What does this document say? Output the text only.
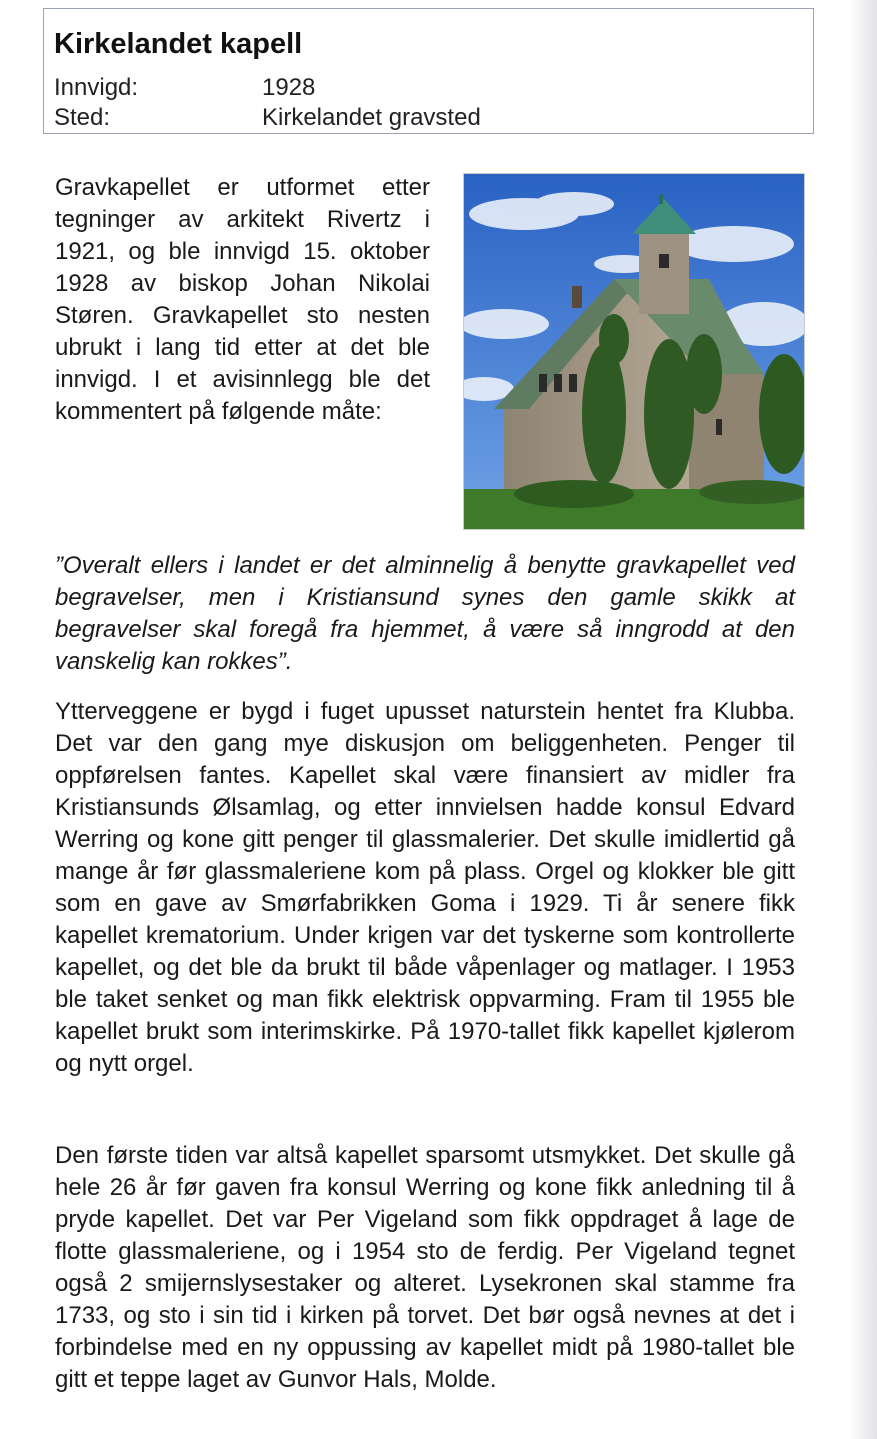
Kirkelandet kapell
Innvigd:	1928
Sted:	Kirkelandet gravsted

Gravkapellet er utformet etter tegninger av arkitekt Rivertz i 1921, og ble innvigd 15. oktober 1928 av biskop Johan Nikolai Støren. Gravkapellet sto nesten ubrukt i lang tid etter at det ble innvigd. I et avisinnlegg ble det kommentert på følgende måte:

”Overalt ellers i landet er det alminnelig å benytte gravkapellet ved begravelser, men i Kristiansund synes den gamle skikk at begravelser skal foregå fra hjemmet, å være så inngrodd at den vanskelig kan rokkes”.

Ytterveggene er bygd i fuget upusset naturstein hentet fra Klubba. Det var den gang mye diskusjon om beliggenheten. Penger til oppførelsen fantes. Kapellet skal være finansiert av midler fra Kristiansunds Ølsamlag, og etter innvielsen hadde konsul Edvard Werring og kone gitt penger til glassmalerier. Det skulle imidlertid gå mange år før glassmaleriene kom på plass. Orgel og klokker ble gitt som en gave av Smørfabrikken Goma i 1929. Ti år senere fikk kapellet krematorium. Under krigen var det tyskerne som kontrollerte kapellet, og det ble da brukt til både våpenlager og matlager. I 1953 ble taket senket og man fikk elektrisk oppvarming. Fram til 1955 ble kapellet brukt som interimskirke. På 1970-tallet fikk kapellet kjølerom og nytt orgel.

Den første tiden var altså kapellet sparsomt utsmykket. Det skulle gå hele 26 år før gaven fra konsul Werring og kone fikk anledning til å pryde kapellet. Det var Per Vigeland som fikk oppdraget å lage de flotte glassmaleriene, og i 1954 sto de ferdig. Per Vigeland tegnet også 2 smijernslysestaker og alteret. Lysekronen skal stamme fra 1733, og sto i sin tid i kirken på torvet. Det bør også nevnes at det i forbindelse med en ny oppussing av kapellet midt på 1980-tallet ble gitt et teppe laget av Gunvor Hals, Molde.
